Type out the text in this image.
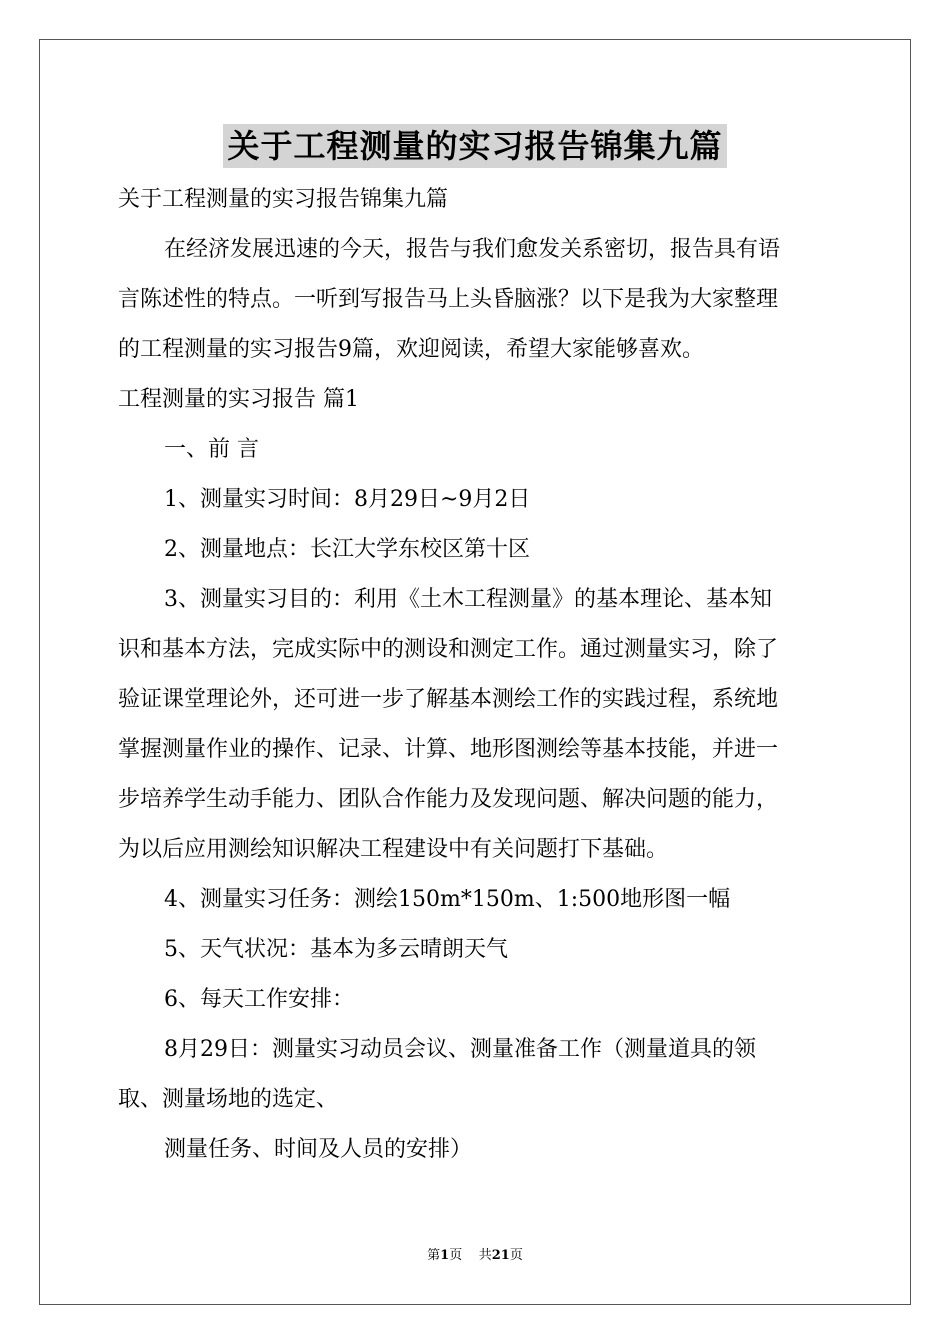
关于工程测量的实习报告锦集九篇
关于工程测量的实习报告锦集九篇
在经济发展迅速的今天，报告与我们愈发关系密切，报告具有语
言陈述性的特点。一听到写报告马上头昏脑涨？以下是我为大家整理
的工程测量的实习报告9篇，欢迎阅读，希望大家能够喜欢。
工程测量的实习报告 篇1
一、前 言
1、测量实习时间：8月29日~9月2日
2、测量地点：长江大学东校区第十区
3、测量实习目的：利用《土木工程测量》的基本理论、基本知
识和基本方法，完成实际中的测设和测定工作。通过测量实习，除了
验证课堂理论外，还可进一步了解基本测绘工作的实践过程，系统地
掌握测量作业的操作、记录、计算、地形图测绘等基本技能，并进一
步培养学生动手能力、团队合作能力及发现问题、解决问题的能力，
为以后应用测绘知识解决工程建设中有关问题打下基础。
4、测量实习任务：测绘150m*150m、1:500地形图一幅
5、天气状况：基本为多云晴朗天气
6、每天工作安排：
8月29日：测量实习动员会议、测量准备工作（测量道具的领
取、测量场地的选定、
测量任务、时间及人员的安排）
第1页    共21页
